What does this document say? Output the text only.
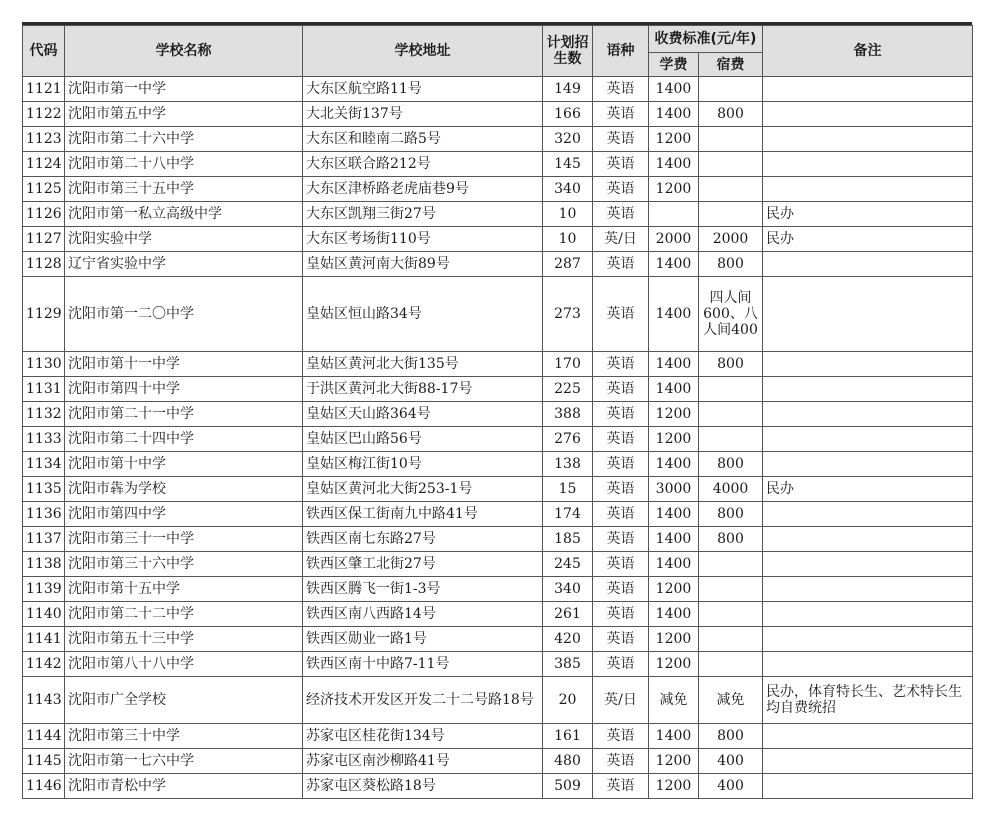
代码	学校名称	学校地址	计划招生数	语种	收费标准(元/年)		备注
					学费	宿费	
1121	沈阳市第一中学	大东区航空路11号	149	英语	1400		
1122	沈阳市第五中学	大北关街137号	166	英语	1400	800	
1123	沈阳市第二十六中学	大东区和睦南二路5号	320	英语	1200		
1124	沈阳市第二十八中学	大东区联合路212号	145	英语	1400		
1125	沈阳市第三十五中学	大东区津桥路老虎庙巷9号	340	英语	1200		
1126	沈阳市第一私立高级中学	大东区凯翔三街27号	10	英语			民办
1127	沈阳实验中学	大东区考场街110号	10	英/日	2000	2000	民办
1128	辽宁省实验中学	皇姑区黄河南大街89号	287	英语	1400	800	
1129	沈阳市第一二〇中学	皇姑区恒山路34号	273	英语	1400	四人间600、八人间400	
1130	沈阳市第十一中学	皇姑区黄河北大街135号	170	英语	1400	800	
1131	沈阳市第四十中学	于洪区黄河北大街88-17号	225	英语	1400		
1132	沈阳市第二十一中学	皇姑区天山路364号	388	英语	1200		
1133	沈阳市第二十四中学	皇姑区巴山路56号	276	英语	1200		
1134	沈阳市第十中学	皇姑区梅江街10号	138	英语	1400	800	
1135	沈阳市犇为学校	皇姑区黄河北大街253-1号	15	英语	3000	4000	民办
1136	沈阳市第四中学	铁西区保工街南九中路41号	174	英语	1400	800	
1137	沈阳市第三十一中学	铁西区南七东路27号	185	英语	1400	800	
1138	沈阳市第三十六中学	铁西区肇工北街27号	245	英语	1400		
1139	沈阳市第十五中学	铁西区腾飞一街1-3号	340	英语	1200		
1140	沈阳市第二十二中学	铁西区南八西路14号	261	英语	1400		
1141	沈阳市第五十三中学	铁西区勋业一路1号	420	英语	1200		
1142	沈阳市第八十八中学	铁西区南十中路7-11号	385	英语	1200		
1143	沈阳市广全学校	经济技术开发区开发二十二号路18号	20	英/日	减免	减免	民办，体育特长生、艺术特长生均自费统招
1144	沈阳市第三十中学	苏家屯区桂花街134号	161	英语	1400	800	
1145	沈阳市第一七六中学	苏家屯区南沙柳路41号	480	英语	1200	400	
1146	沈阳市青松中学	苏家屯区葵松路18号	509	英语	1200	400	
